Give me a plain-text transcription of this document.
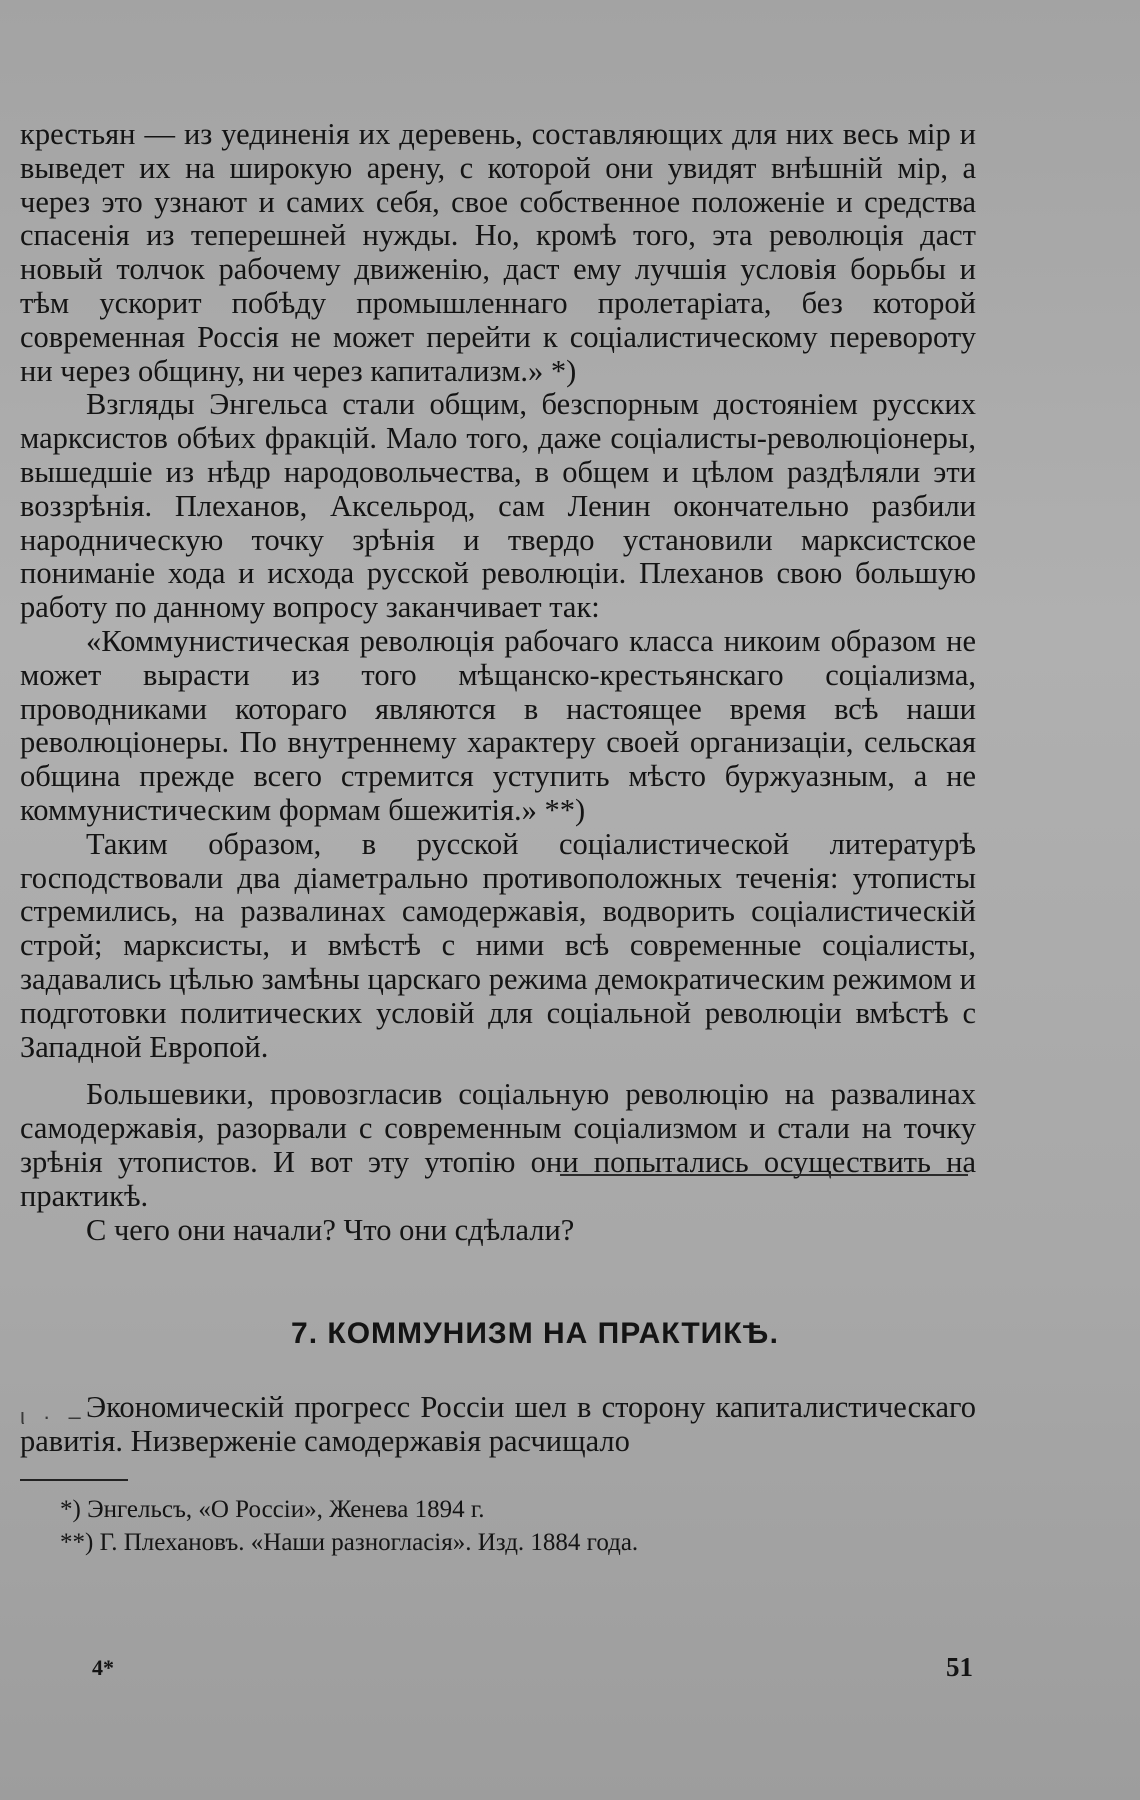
крестьян — из уединенія их деревень, составляющих для них весь мір и выведет их на широкую арену, с которой они увидят внѣшній мір, а через это узнают и самих себя, свое собственное положеніе и средства спасенія из теперешней нужды. Но, кромѣ того, эта революція даст новый толчок рабочему движенію, даст ему лучшія условія борьбы и тѣм ускорит побѣду промышленнаго пролетаріата, без которой современная Россія не может перейти к соціалистическому перевороту ни через общину, ни через капитализм.» *)

Взгляды Энгельса стали общим, безспорным достояніем русских марксистов обѣих фракцій. Мало того, даже соціалисты-революціонеры, вышедшіе из нѣдр народовольчества, в общем и цѣлом раздѣляли эти воззрѣнія. Плеханов, Аксельрод, сам Ленин окончательно разбили народническую точку зрѣнія и твердо установили марксистское пониманіе хода и исхода русской революціи. Плеханов свою большую работу по данному вопросу заканчивает так:

«Коммунистическая революція рабочаго класса никоим образом не может вырасти из того мѣщанско-крестьянскаго соціализма, проводниками котораго являются в настоящее время всѣ наши революціонеры. По внутреннему характеру своей организаціи, сельская община прежде всего стремится уступить мѣсто буржуазным, а не коммунистическим формам бшежитія.» **)

Таким образом, в русской соціалистической литературѣ господствовали два діаметрально противоположных теченія: утописты стремились, на развалинах самодержавія, водворить соціалистическій строй; марксисты, и вмѣстѣ с ними всѣ современные соціалисты, задавались цѣлью замѣны царскаго режима демократическим режимом и подготовки политических условій для соціальной революціи вмѣстѣ с Западной Европой.

Большевики, провозгласив соціальную революцію на развалинах самодержавія, разорвали с современным соціализмом и стали на точку зрѣнія утопистов. И вот эту утопію они попытались осуществить на практикѣ.

С чего они начали? Что они сдѣлали?

ι · –
7. КОММУНИЗМ НА ПРАКТИКѢ.

Экономическій прогресс Россіи шел в сторону капиталистическаго равитія. Низверженіе самодержавія расчищало

*) Энгельсъ, «О Россіи», Женева 1894 г.
**) Г. Плехановъ. «Наши разногласія». Изд. 1884 года.
4*	51
